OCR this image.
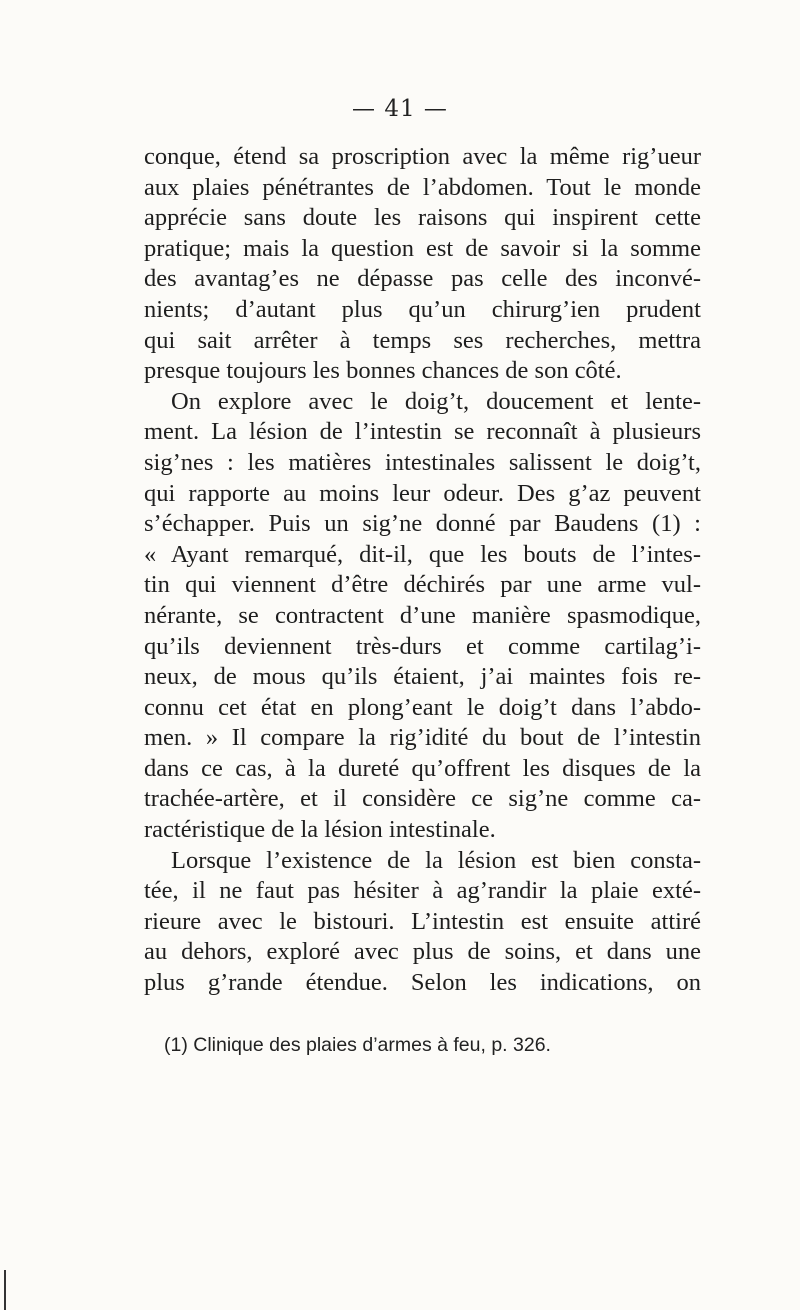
— 41 —
conque, étend sa proscription avec la même rig’ueur
aux plaies pénétrantes de l’abdomen. Tout le monde
apprécie sans doute les raisons qui inspirent cette
pratique; mais la question est de savoir si la somme
des avantag’es ne dépasse pas celle des inconvé-
nients; d’autant plus qu’un chirurg’ien prudent
qui sait arrêter à temps ses recherches, mettra
presque toujours les bonnes chances de son côté.
On explore avec le doig’t, doucement et lente-
ment. La lésion de l’intestin se reconnaît à plusieurs
sig’nes : les matières intestinales salissent le doig’t,
qui rapporte au moins leur odeur. Des g’az peuvent
s’échapper. Puis un sig’ne donné par Baudens (1) :
« Ayant remarqué, dit-il, que les bouts de l’intes-
tin qui viennent d’être déchirés par une arme vul-
nérante, se contractent d’une manière spasmodique,
qu’ils deviennent très-durs et comme cartilag’i-
neux, de mous qu’ils étaient, j’ai maintes fois re-
connu cet état en plong’eant le doig’t dans l’abdo-
men. » Il compare la rig’idité du bout de l’intestin
dans ce cas, à la dureté qu’offrent les disques de la
trachée-artère, et il considère ce sig’ne comme ca-
ractéristique de la lésion intestinale.
Lorsque l’existence de la lésion est bien consta-
tée, il ne faut pas hésiter à ag’randir la plaie exté-
rieure avec le bistouri. L’intestin est ensuite attiré
au dehors, exploré avec plus de soins, et dans une
plus g’rande étendue. Selon les indications, on
(1) Clinique des plaies d’armes à feu, p. 326.
